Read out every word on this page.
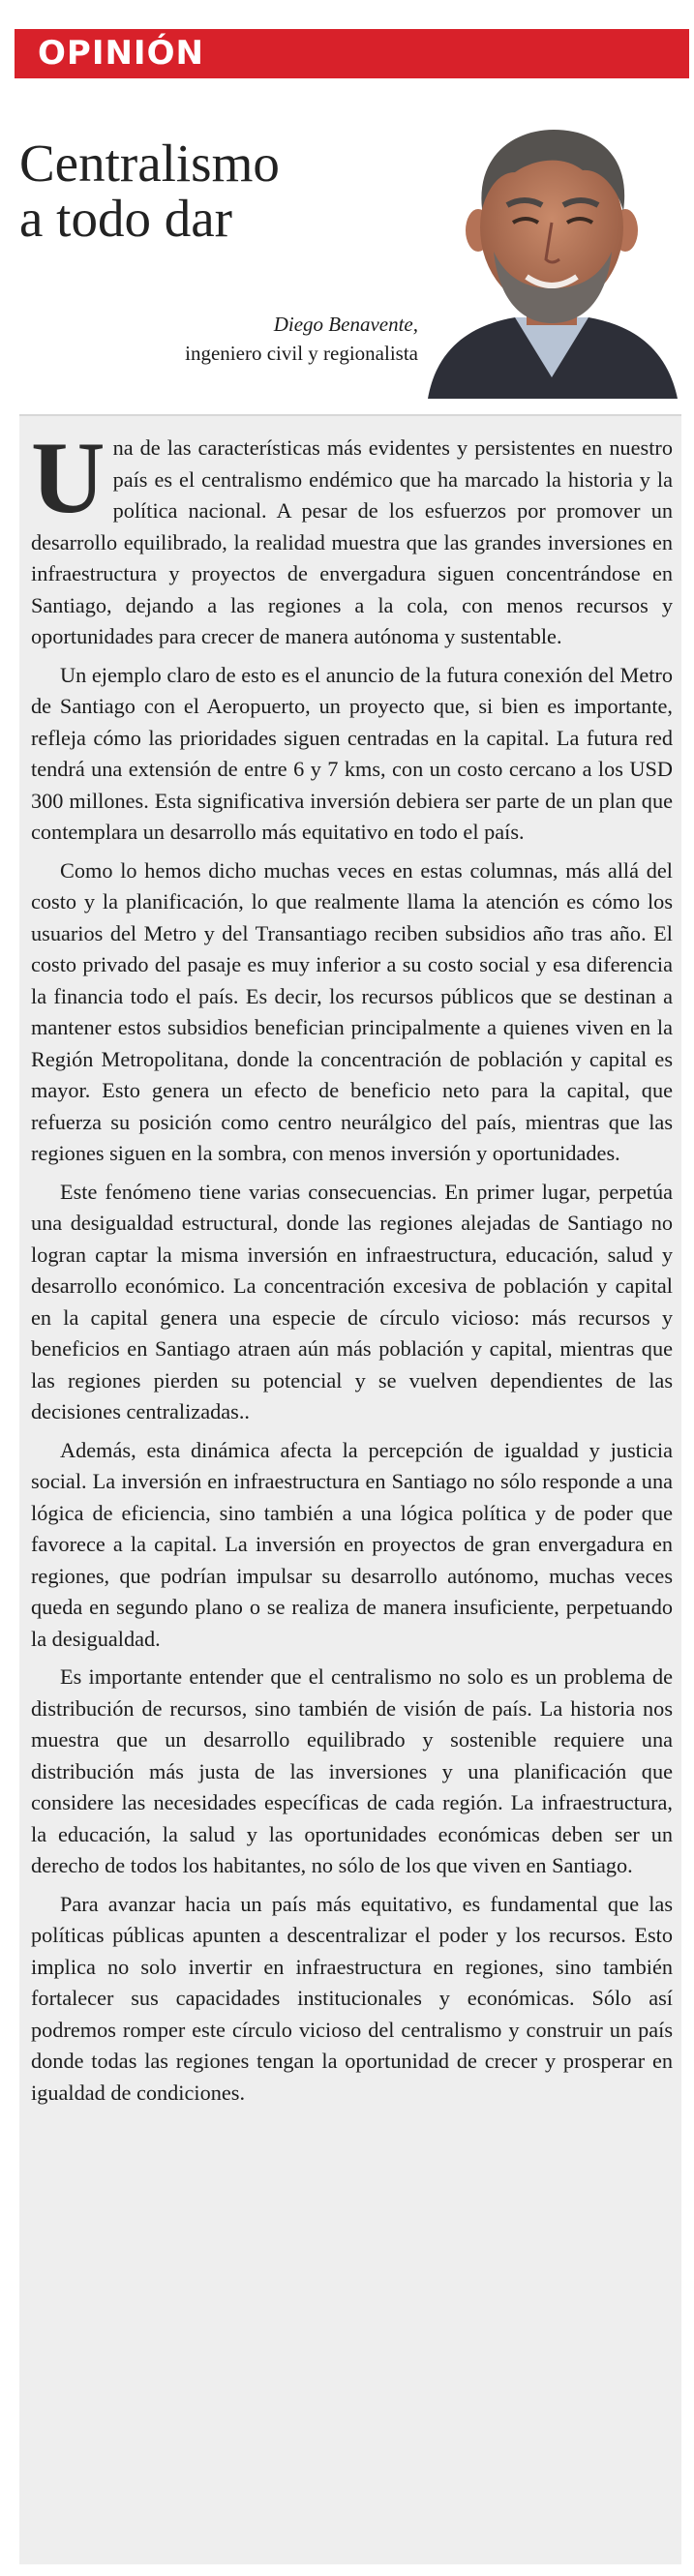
OPINIÓN
Centralismo
a todo dar
Diego Benavente,
ingeniero civil y regionalista

Una de las características más evidentes y persistentes en nuestro país es el centralismo endémico que ha marcado la historia y la política nacional. A pesar de los esfuerzos por promover un desarrollo equilibrado, la realidad muestra que las grandes inversiones en infraestructura y proyectos de envergadura siguen concentrándose en Santiago, dejando a las regiones a la cola, con menos recursos y oportunidades para crecer de manera autónoma y sustentable.

Un ejemplo claro de esto es el anuncio de la futura conexión del Metro de Santiago con el Aeropuerto, un proyecto que, si bien es importante, refleja cómo las prioridades siguen centradas en la capital. La futura red tendrá una extensión de entre 6 y 7 kms, con un costo cercano a los USD 300 millones. Esta significativa inversión debiera ser parte de un plan que contemplara un desarrollo más equitativo en todo el país.

Como lo hemos dicho muchas veces en estas columnas, más allá del costo y la planificación, lo que realmente llama la atención es cómo los usuarios del Metro y del Transantiago reciben subsidios año tras año. El costo privado del pasaje es muy inferior a su costo social y esa diferencia la financia todo el país. Es decir, los recursos públicos que se destinan a mantener estos subsidios benefician principalmente a quienes viven en la Región Metropolitana, donde la concentración de población y capital es mayor. Esto genera un efecto de beneficio neto para la capital, que refuerza su posición como centro neurálgico del país, mientras que las regiones siguen en la sombra, con menos inversión y oportunidades.

Este fenómeno tiene varias consecuencias. En primer lugar, perpetúa una desigualdad estructural, donde las regiones alejadas de Santiago no logran captar la misma inversión en infraestructura, educación, salud y desarrollo económico. La concentración excesiva de población y capital en la capital genera una especie de círculo vicioso: más recursos y beneficios en Santiago atraen aún más población y capital, mientras que las regiones pierden su potencial y se vuelven dependientes de las decisiones centralizadas..

Además, esta dinámica afecta la percepción de igualdad y justicia social. La inversión en infraestructura en Santiago no sólo responde a una lógica de eficiencia, sino también a una lógica política y de poder que favorece a la capital. La inversión en proyectos de gran envergadura en regiones, que podrían impulsar su desarrollo autónomo, muchas veces queda en segundo plano o se realiza de manera insuficiente, perpetuando la desigualdad.

Es importante entender que el centralismo no solo es un problema de distribución de recursos, sino también de visión de país. La historia nos muestra que un desarrollo equilibrado y sostenible requiere una distribución más justa de las inversiones y una planificación que considere las necesidades específicas de cada región. La infraestructura, la educación, la salud y las oportunidades económicas deben ser un derecho de todos los habitantes, no sólo de los que viven en Santiago.

Para avanzar hacia un país más equitativo, es fundamental que las políticas públicas apunten a descentralizar el poder y los recursos. Esto implica no solo invertir en infraestructura en regiones, sino también fortalecer sus capacidades institucionales y económicas. Sólo así podremos romper este círculo vicioso del centralismo y construir un país donde todas las regiones tengan la oportunidad de crecer y prosperar en igualdad de condiciones.
